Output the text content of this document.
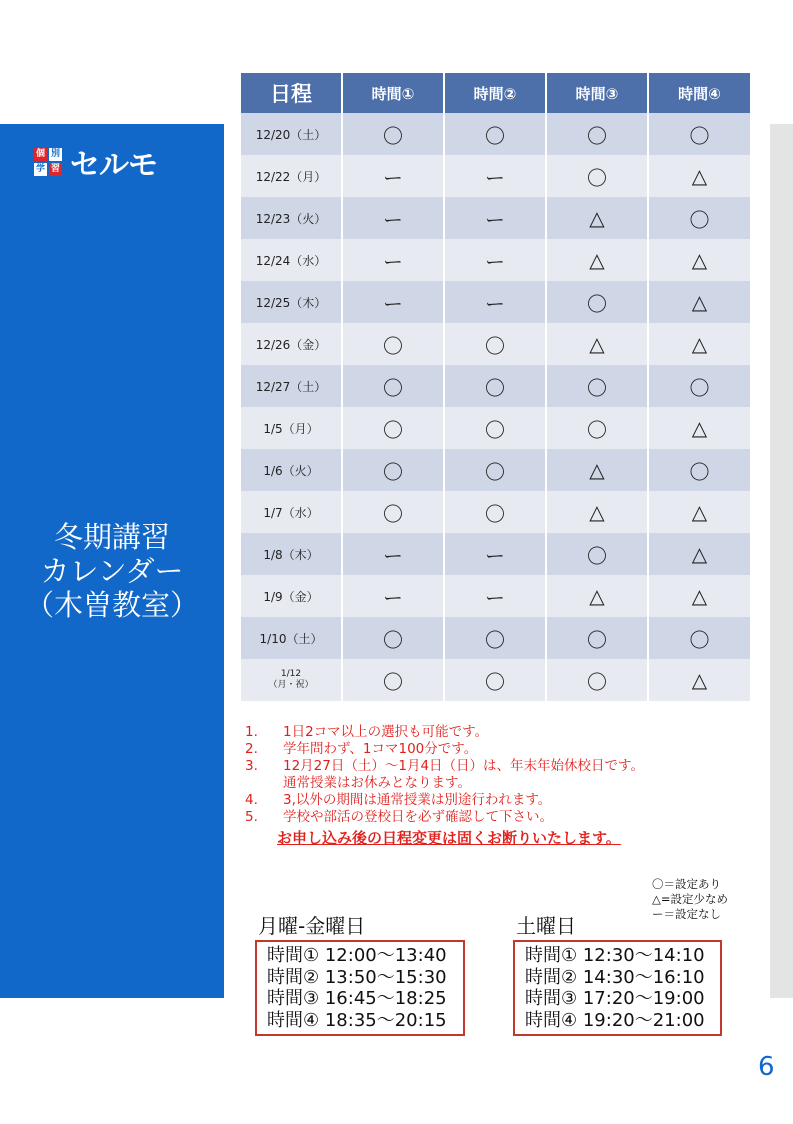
個 別
学 習 セルモ
冬期講習
カレンダー
（木曽教室）
日程	時間①	時間②	時間③	時間④

12/20（土）	〇	〇	〇	〇

12/22（月）	ー	ー	〇	△

12/23（火）	ー	ー	△	〇

12/24（水）	ー	ー	△	△

12/25（木）	ー	ー	〇	△

12/26（金）	〇	〇	△	△

12/27（土）	〇	〇	〇	〇

1/5（月）	〇	〇	〇	△

1/6（火）	〇	〇	△	〇

1/7（水）	〇	〇	△	△

1/8（木）	ー	ー	〇	△

1/9（金）	ー	ー	△	△

1/10（土）	〇	〇	〇	〇

1/12
（月・祝）	〇	〇	〇	△
1.	1日2コマ以上の選択も可能です。
2.	学年問わず、1コマ100分です。
3.	12月27日（土）～1月4日（日）は、年末年始休校日です。
通常授業はお休みとなります。
4.	3,以外の期間は通常授業は別途行われます。
5.	学校や部活の登校日を必ず確認して下さい。
お申し込み後の日程変更は固くお断りいたします。
〇＝設定あり
△=設定少なめ
ー＝設定なし
月曜-金曜日
時間① 12:00～13:40
時間② 13:50～15:30
時間③ 16:45～18:25
時間④ 18:35～20:15
土曜日
時間① 12:30～14:10
時間② 14:30～16:10
時間③ 17:20～19:00
時間④ 19:20～21:00
6
